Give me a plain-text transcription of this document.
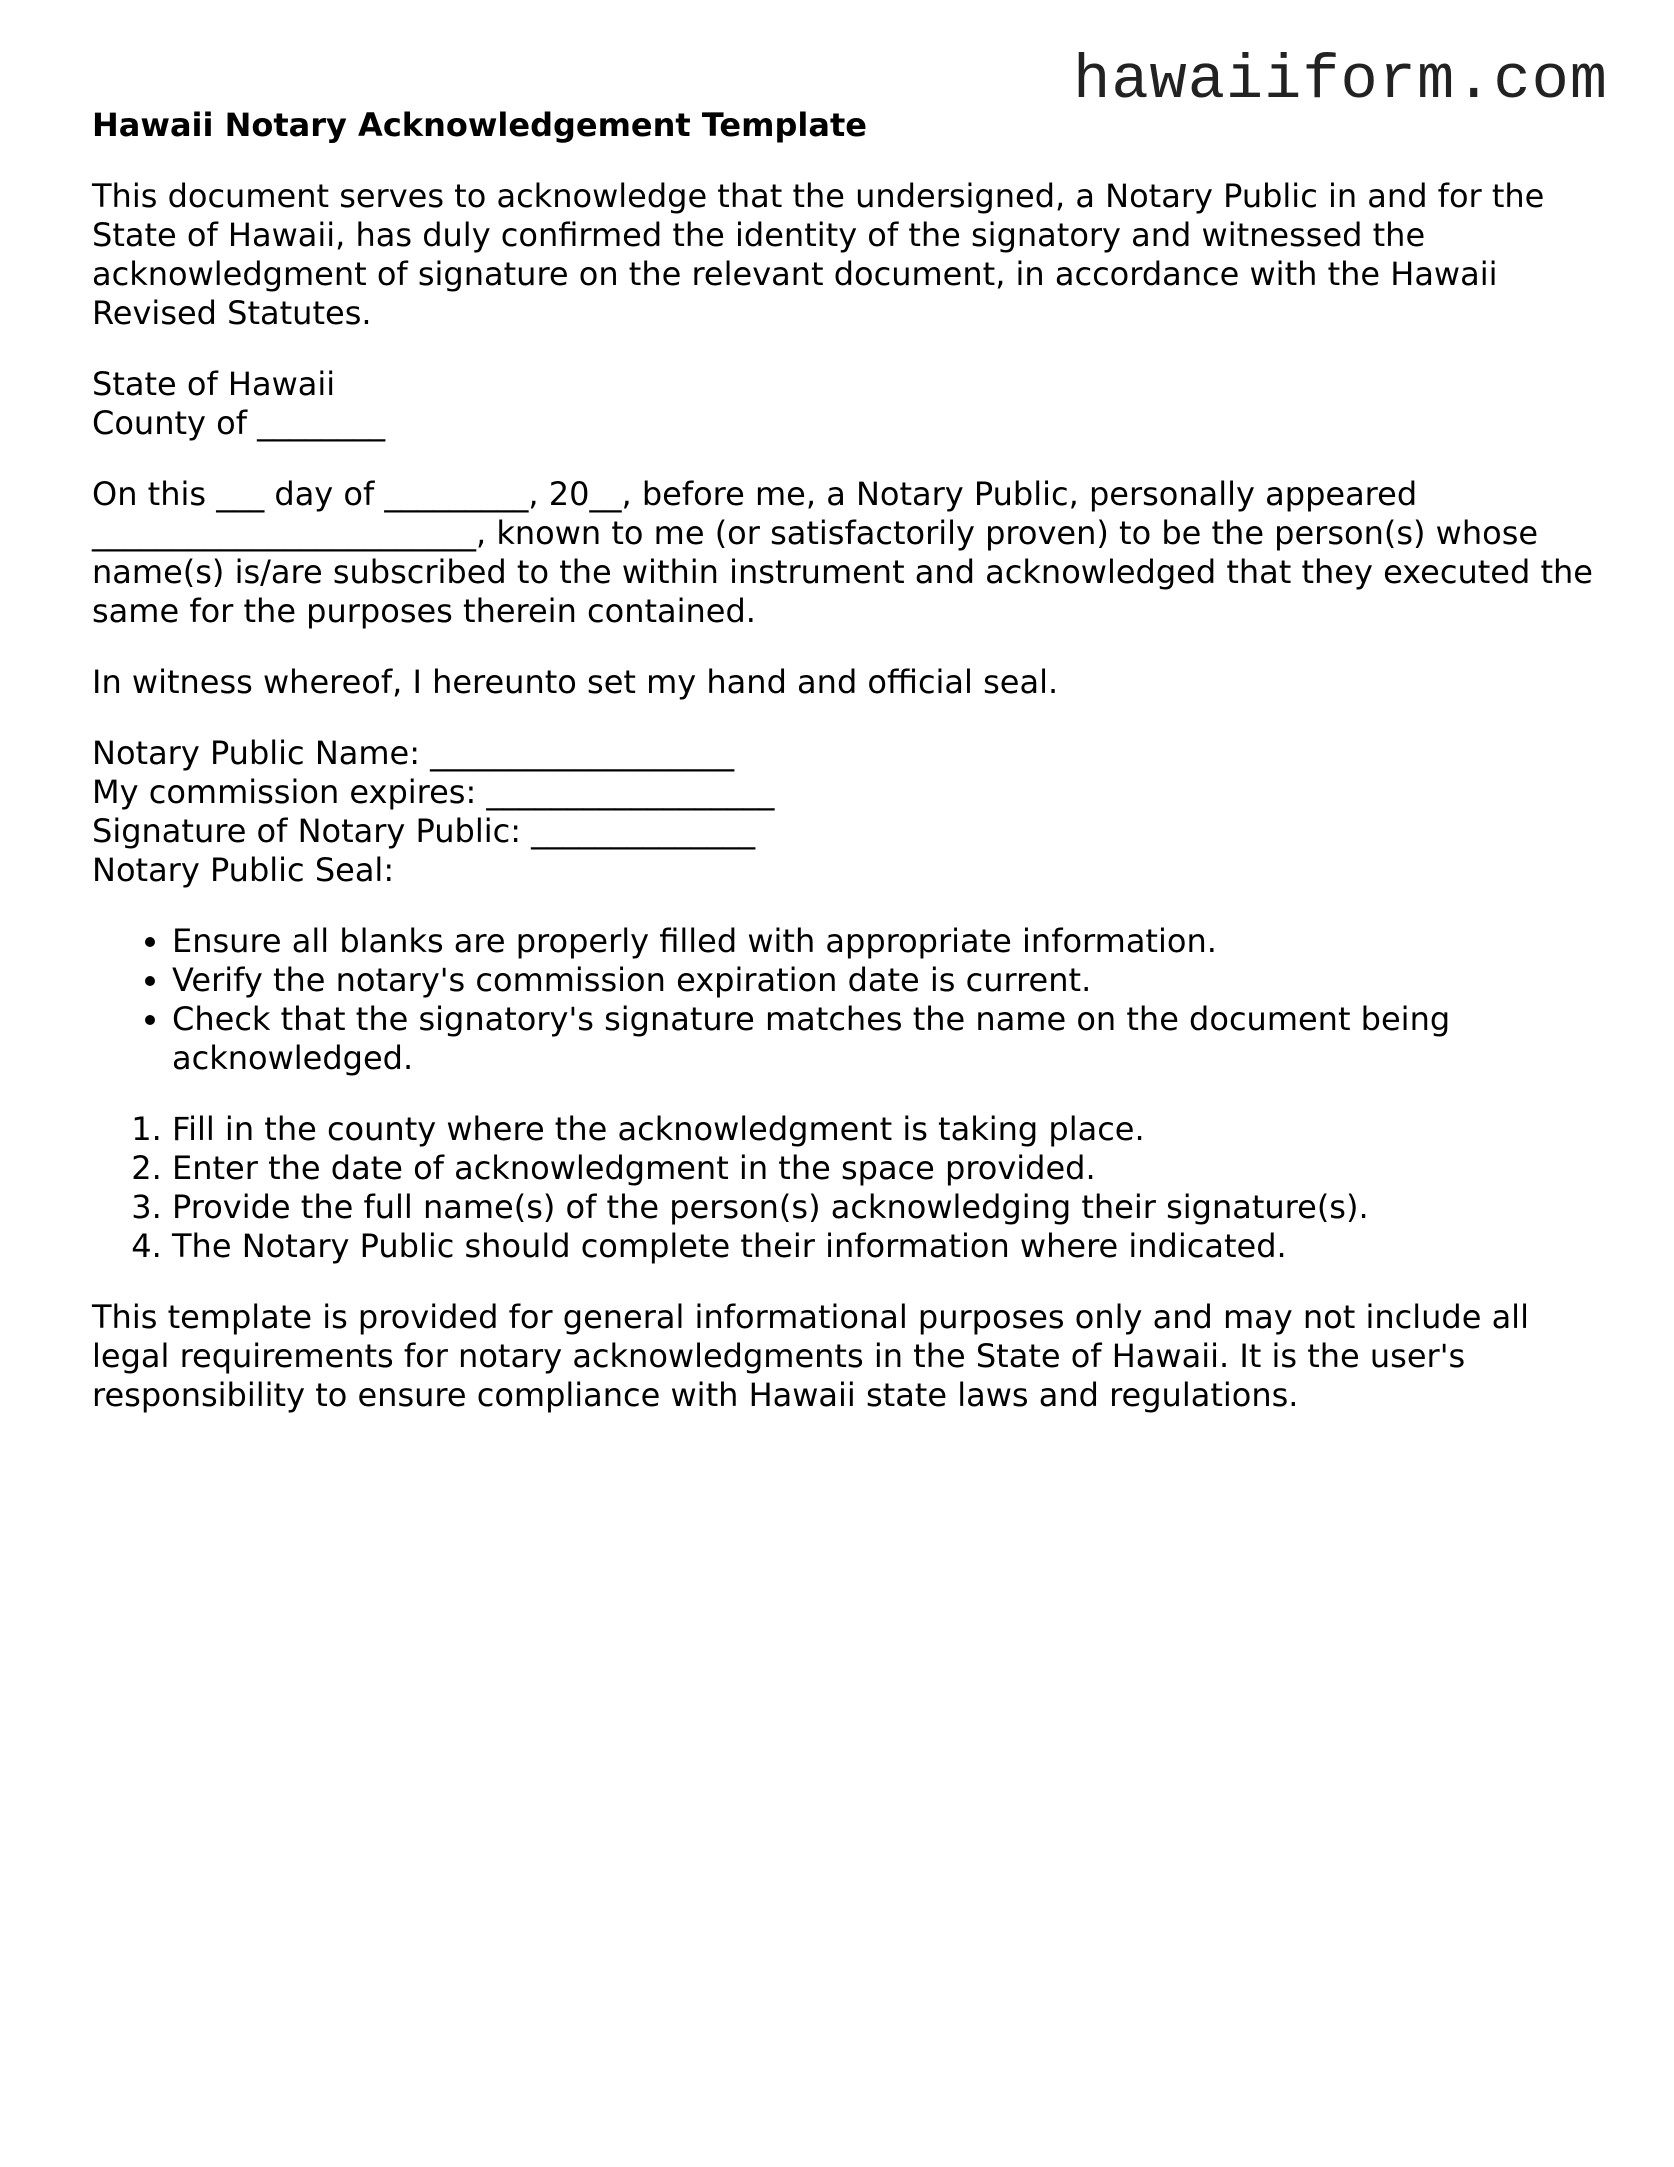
hawaiiform.com
Hawaii Notary Acknowledgement Template

This document serves to acknowledge that the undersigned, a Notary Public in and for the State of Hawaii, has duly confirmed the identity of the signatory and witnessed the acknowledgment of signature on the relevant document, in accordance with the Hawaii Revised Statutes.

State of Hawaii
County of ________

On this ___ day of _________, 20__, before me, a Notary Public, personally appeared ________________________, known to me (or satisfactorily proven) to be the person(s) whose name(s) is/are subscribed to the within instrument and acknowledged that they executed the same for the purposes therein contained.

In witness whereof, I hereunto set my hand and official seal.

Notary Public Name: ___________________
My commission expires: __________________
Signature of Notary Public: ______________
Notary Public Seal:

• Ensure all blanks are properly filled with appropriate information.
• Verify the notary's commission expiration date is current.
• Check that the signatory's signature matches the name on the document being acknowledged.
1. Fill in the county where the acknowledgment is taking place.
2. Enter the date of acknowledgment in the space provided.
3. Provide the full name(s) of the person(s) acknowledging their signature(s).
4. The Notary Public should complete their information where indicated.

This template is provided for general informational purposes only and may not include all legal requirements for notary acknowledgments in the State of Hawaii. It is the user's responsibility to ensure compliance with Hawaii state laws and regulations.
